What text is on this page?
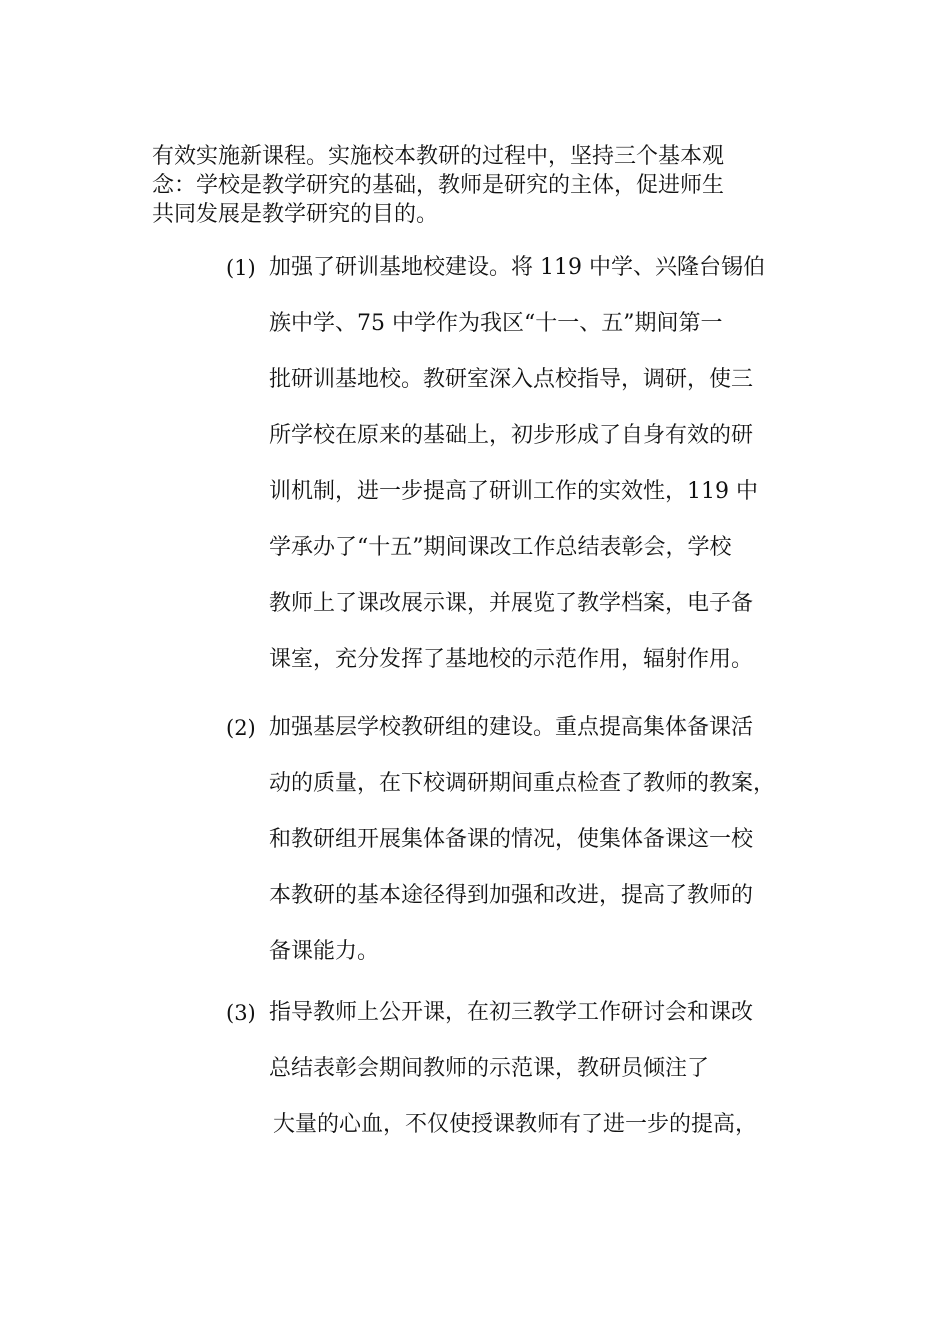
有效实施新课程。实施校本教研的过程中，坚持三个基本观
念：学校是教学研究的基础，教师是研究的主体，促进师生
共同发展是教学研究的目的。
(1) 加强了研训基地校建设。将 119 中学、兴隆台锡伯
族中学、75 中学作为我区“十一、五”期间第一
批研训基地校。教研室深入点校指导，调研，使三
所学校在原来的基础上，初步形成了自身有效的研
训机制，进一步提高了研训工作的实效性，119 中
学承办了“十五”期间课改工作总结表彰会，学校
教师上了课改展示课，并展览了教学档案，电子备
课室，充分发挥了基地校的示范作用，辐射作用。
(2) 加强基层学校教研组的建设。重点提高集体备课活
动的质量，在下校调研期间重点检查了教师的教案，
和教研组开展集体备课的情况，使集体备课这一校
本教研的基本途径得到加强和改进，提高了教师的
备课能力。
(3) 指导教师上公开课，在初三教学工作研讨会和课改
总结表彰会期间教师的示范课，教研员倾注了
大量的心血，不仅使授课教师有了进一步的提高，
